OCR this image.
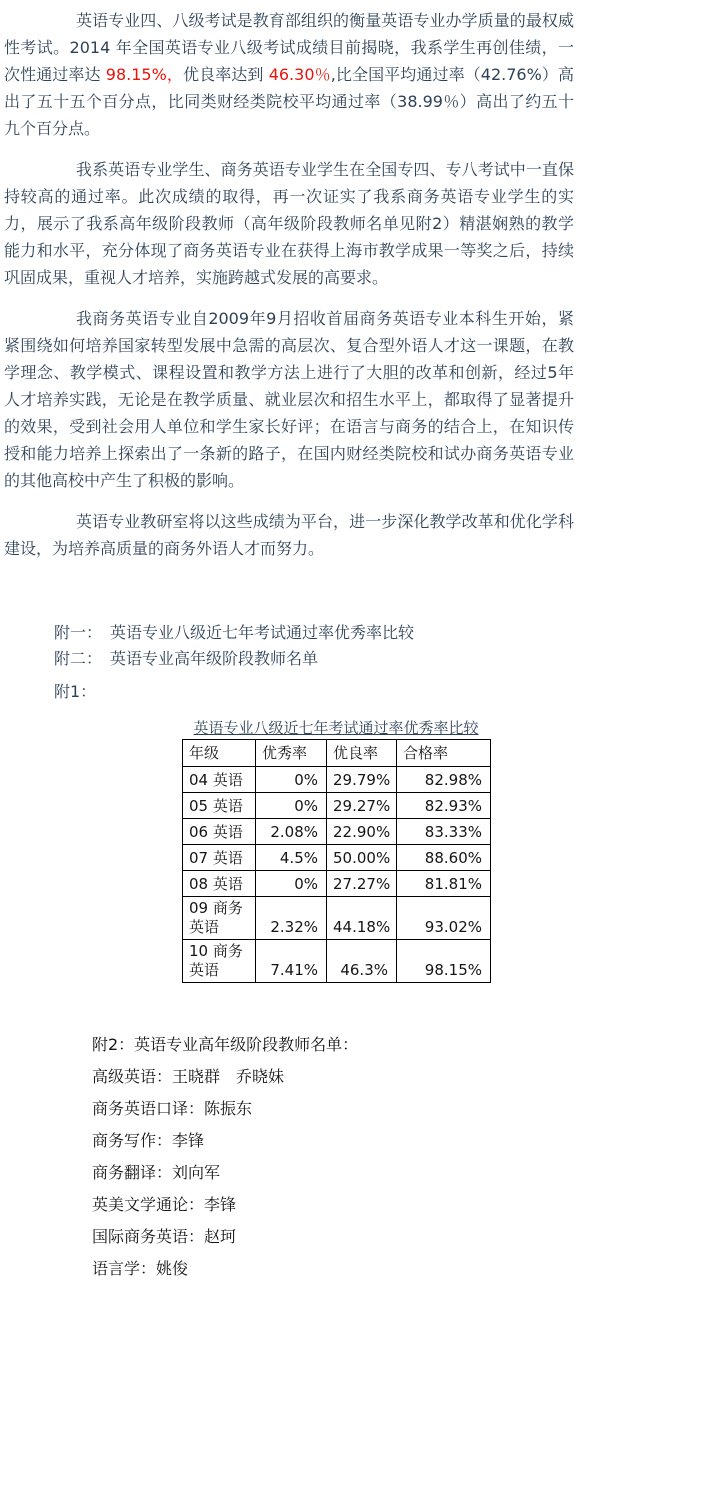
英语专业四、八级考试是教育部组织的衡量英语专业办学质量的最权威性考试。2014 年全国英语专业八级考试成绩目前揭晓，我系学生再创佳绩，一次性通过率达 98.15%，优良率达到 46.30％,比全国平均通过率（42.76%）高出了五十五个百分点，比同类财经类院校平均通过率（38.99％）高出了约五十九个百分点。

我系英语专业学生、商务英语专业学生在全国专四、专八考试中一直保持较高的通过率。此次成绩的取得，再一次证实了我系商务英语专业学生的实力，展示了我系高年级阶段教师（高年级阶段教师名单见附2）精湛娴熟的教学能力和水平，充分体现了商务英语专业在获得上海市教学成果一等奖之后，持续巩固成果，重视人才培养，实施跨越式发展的高要求。

我商务英语专业自2009年9月招收首届商务英语专业本科生开始，紧紧围绕如何培养国家转型发展中急需的高层次、复合型外语人才这一课题，在教学理念、教学模式、课程设置和教学方法上进行了大胆的改革和创新，经过5年人才培养实践，无论是在教学质量、就业层次和招生水平上，都取得了显著提升的效果，受到社会用人单位和学生家长好评；在语言与商务的结合上，在知识传授和能力培养上探索出了一条新的路子，在国内财经类院校和试办商务英语专业的其他高校中产生了积极的影响。

英语专业教研室将以这些成绩为平台，进一步深化教学改革和优化学科建设，为培养高质量的商务外语人才而努力。

附一：　英语专业八级近七年考试通过率优秀率比较
附二：　英语专业高年级阶段教师名单
附1：
英语专业八级近七年考试通过率优秀率比较
年级	优秀率	优良率	合格率
04 英语	0%	29.79%	82.98%
05 英语	0%	29.27%	82.93%
06 英语	2.08%	22.90%	83.33%
07 英语	4.5%	50.00%	88.60%
08 英语	0%	27.27%	81.81%
09 商务英语	2.32%	44.18%	93.02%
10 商务英语	7.41%	46.3%	98.15%
附2：英语专业高年级阶段教师名单：
高级英语：王晓群　乔晓妹
商务英语口译：陈振东
商务写作：李锋
商务翻译：刘向军
英美文学通论：李锋
国际商务英语：赵珂
语言学：姚俊
